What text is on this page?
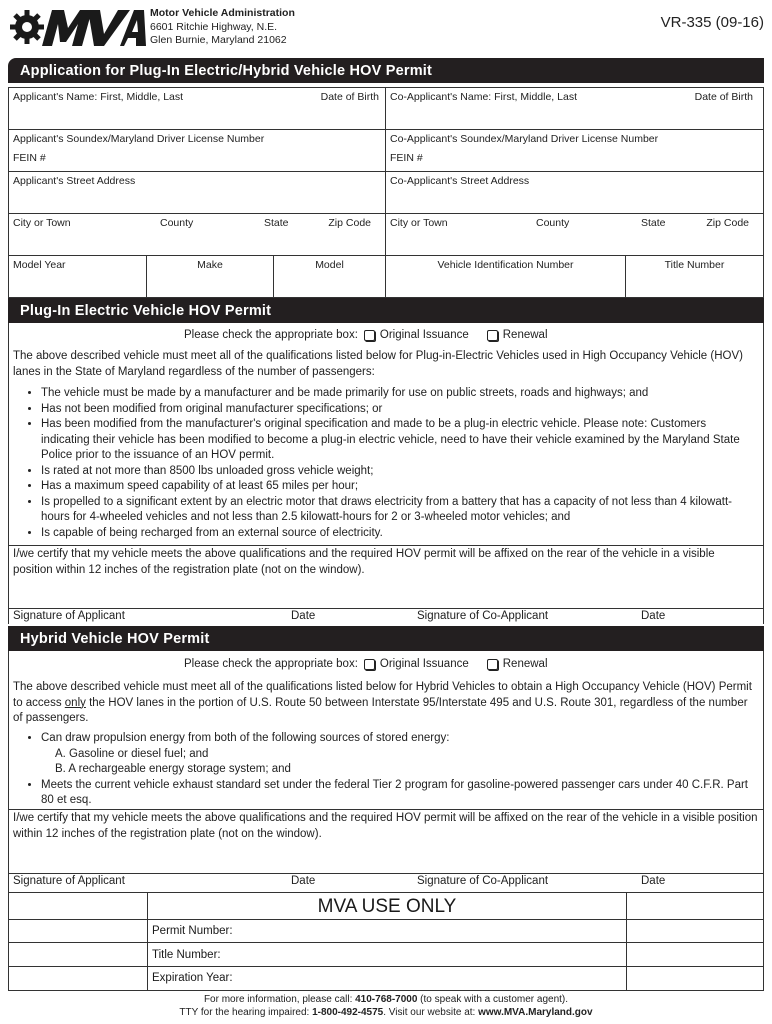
Motor Vehicle Administration
6601 Ritchie Highway, N.E.
Glen Burnie, Maryland 21062
VR-335 (09-16)
Application for Plug-In Electric/Hybrid Vehicle HOV Permit
Applicant's Name: First, Middle, Last	Date of Birth Co-Applicant's Name: First, Middle, Last	Date of Birth
Applicant's Soundex/Maryland Driver License Number
FEIN #
Co-Applicant's Soundex/Maryland Driver License Number
FEIN #
Applicant's Street Address	Co-Applicant's Street Address
City or Town	County	State	Zip Code City or Town	County	State	Zip Code
Model Year	Make	Model	Vehicle Identification Number	Title Number
Plug-In Electric Vehicle HOV Permit
Please check the appropriate box: Original Issuance	Renewal
The above described vehicle must meet all of the qualifications listed below for Plug-in-Electric Vehicles used in High Occupancy Vehicle (HOV) lanes in the State of Maryland regardless of the number of passengers:
• The vehicle must be made by a manufacturer and be made primarily for use on public streets, roads and highways; and
• Has not been modified from original manufacturer specifications; or
• Has been modified from the manufacturer's original specification and made to be a plug-in electric vehicle. Please note: Customers indicating their vehicle has been modified to become a plug-in electric vehicle, need to have their vehicle examined by the Maryland State Police prior to the issuance of an HOV permit.
• Is rated at not more than 8500 lbs unloaded gross vehicle weight;
• Has a maximum speed capability of at least 65 miles per hour;
• Is propelled to a significant extent by an electric motor that draws electricity from a battery that has a capacity of not less than 4 kilowatt-hours for 4-wheeled vehicles and not less than 2.5 kilowatt-hours for 2 or 3-wheeled motor vehicles; and
• Is capable of being recharged from an external source of electricity.
I/we certify that my vehicle meets the above qualifications and the required HOV permit will be affixed on the rear of the vehicle in a visible position within 12 inches of the registration plate (not on the window).
Signature of Applicant	Date	Signature of Co-Applicant	Date
Hybrid Vehicle HOV Permit
Please check the appropriate box: Original Issuance	Renewal
The above described vehicle must meet all of the qualifications listed below for Hybrid Vehicles to obtain a High Occupancy Vehicle (HOV) Permit to access only the HOV lanes in the portion of U.S. Route 50 between Interstate 95/Interstate 495 and U.S. Route 301, regardless of the number of passengers.
• Can draw propulsion energy from both of the following sources of stored energy:
A. Gasoline or diesel fuel; and
B. A rechargeable energy storage system; and
• Meets the current vehicle exhaust standard set under the federal Tier 2 program for gasoline-powered passenger cars under 40 C.F.R. Part 80 et esq.
I/we certify that my vehicle meets the above qualifications and the required HOV permit will be affixed on the rear of the vehicle in a visible position within 12 inches of the registration plate (not on the window).
Signature of Applicant	Date	Signature of Co-Applicant	Date
MVA USE ONLY
Permit Number:
Title Number:
Expiration Year:
For more information, please call: 410-768-7000 (to speak with a customer agent).
TTY for the hearing impaired: 1-800-492-4575. Visit our website at: www.MVA.Maryland.gov
